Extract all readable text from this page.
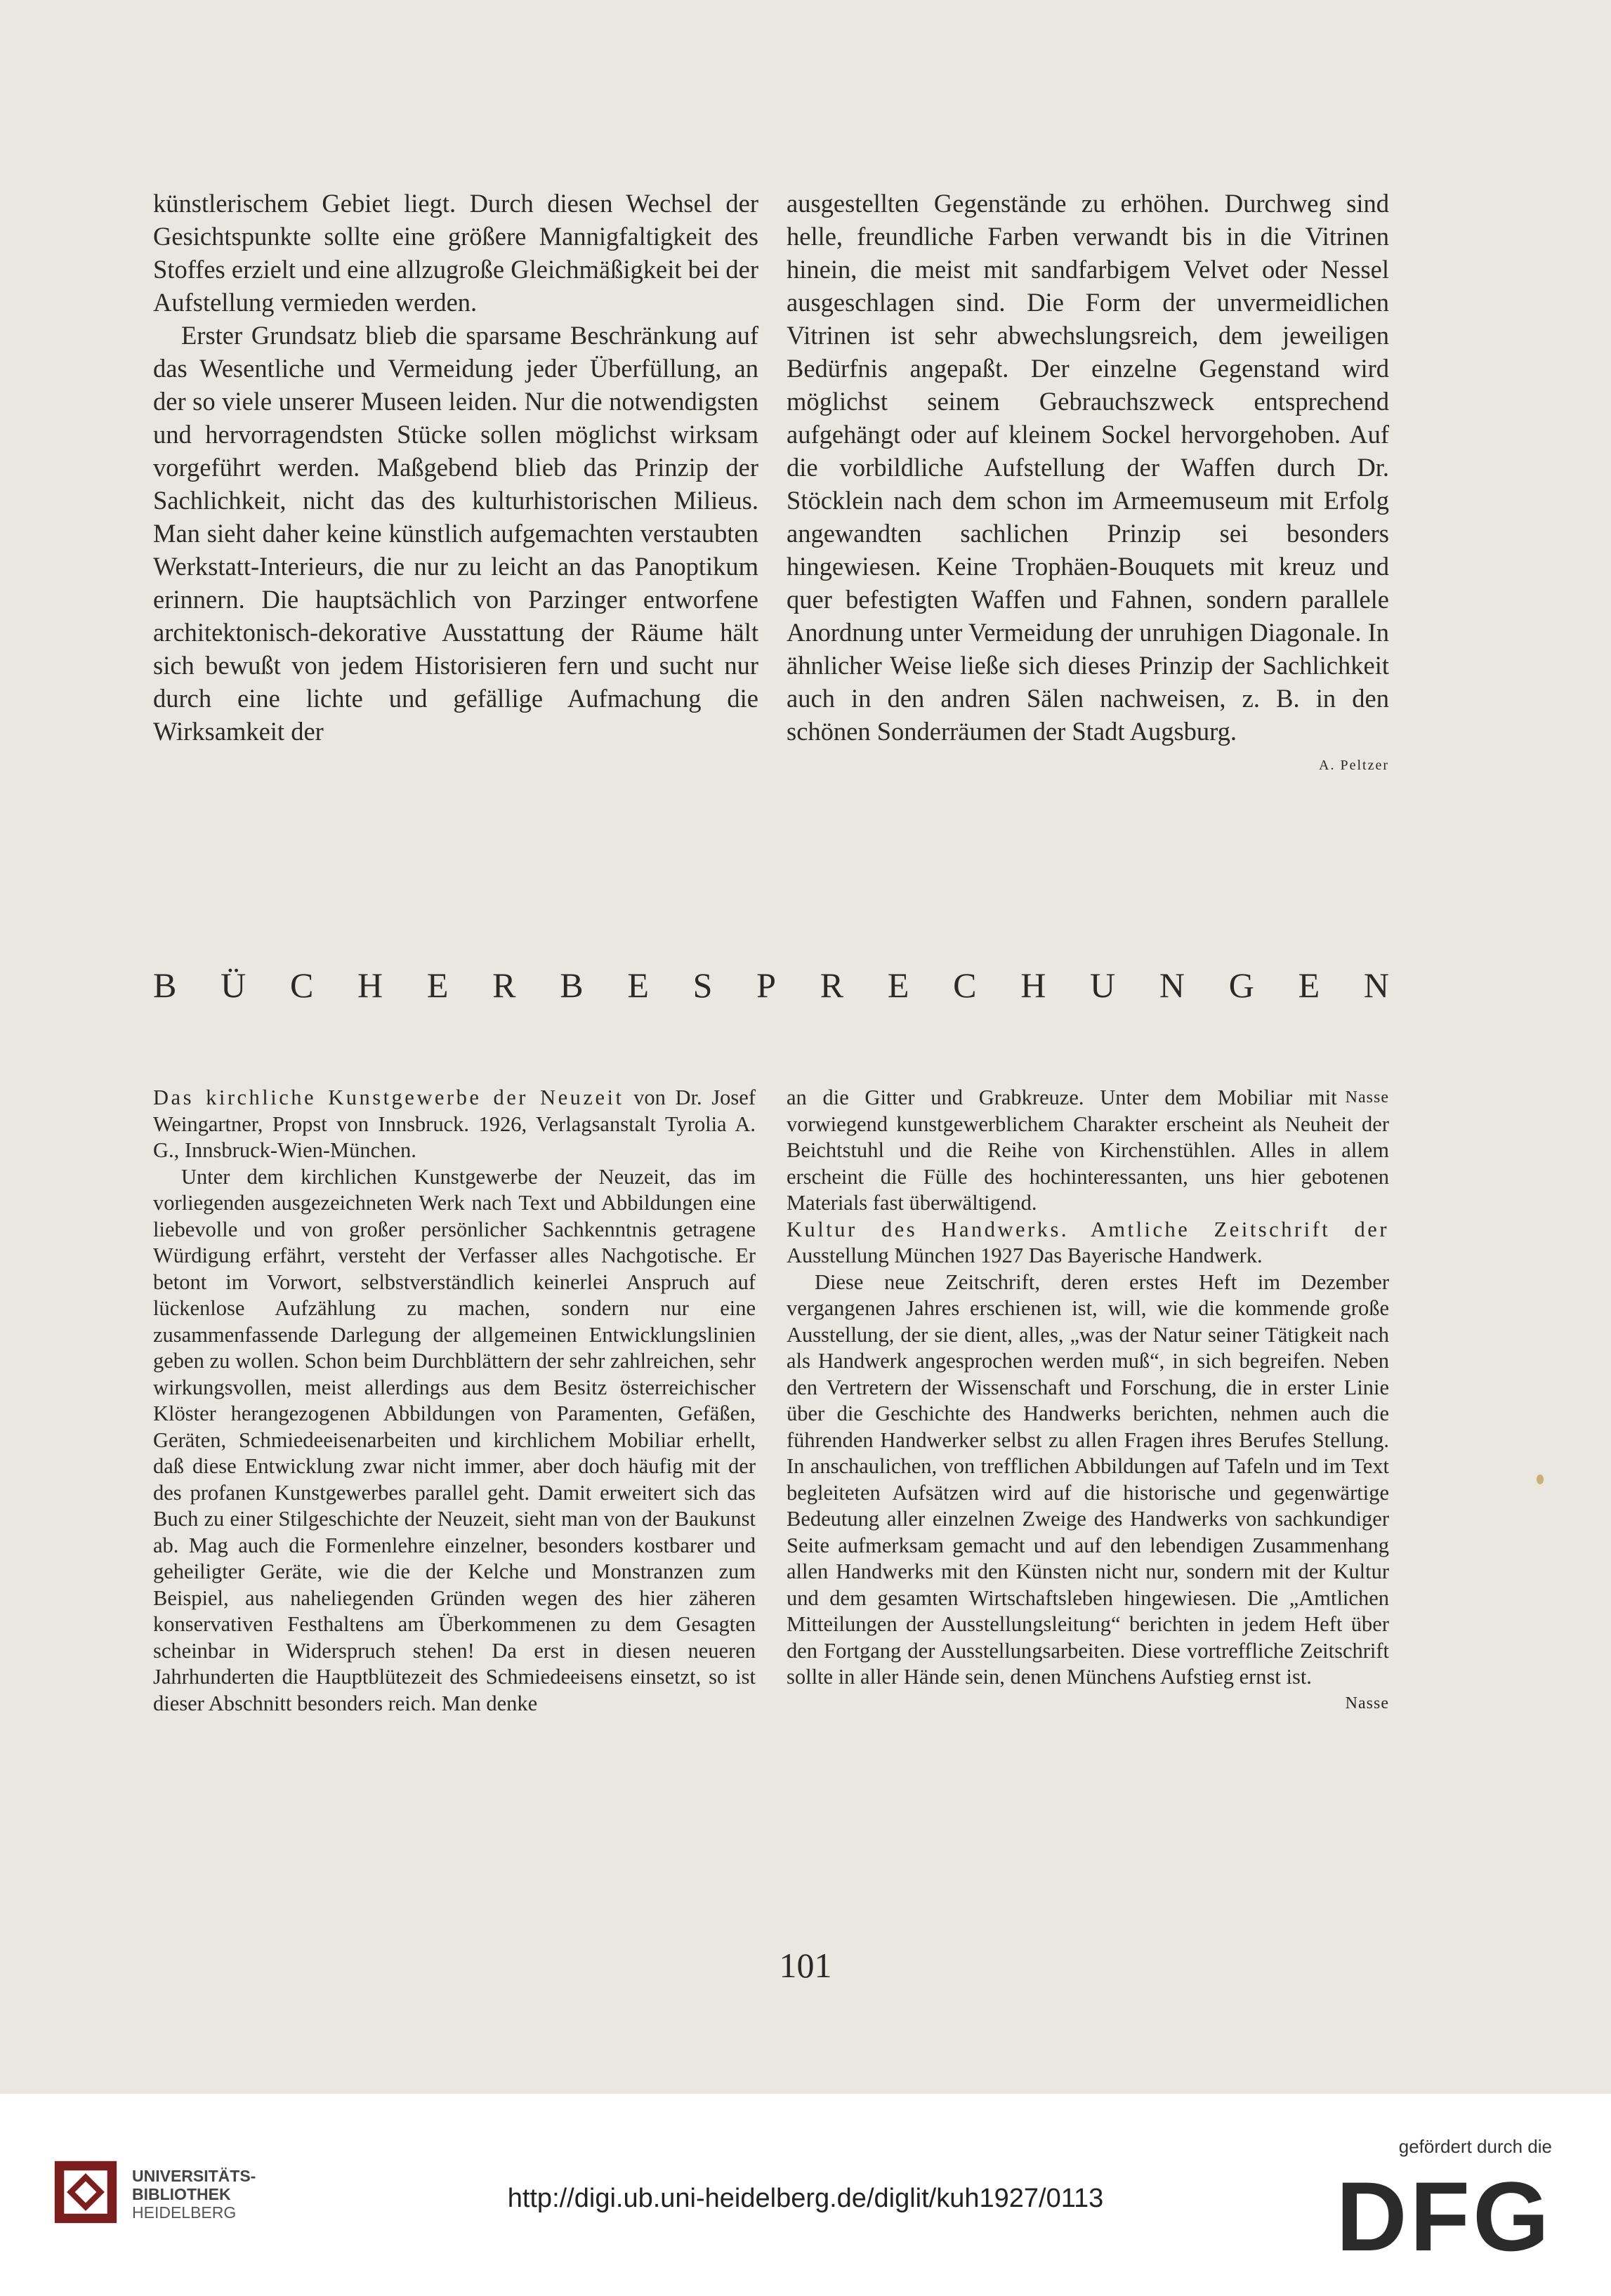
künstlerischem Gebiet liegt. Durch diesen Wechsel der Gesichtspunkte sollte eine größere Mannigfaltigkeit des Stoffes erzielt und eine allzugroße Gleichmäßigkeit bei der Aufstellung vermieden werden.

Erster Grundsatz blieb die sparsame Beschränkung auf das Wesentliche und Vermeidung jeder Überfüllung, an der so viele unserer Museen leiden. Nur die notwendigsten und hervorragendsten Stücke sollen möglichst wirksam vorgeführt werden. Maßgebend blieb das Prinzip der Sachlichkeit, nicht das des kulturhistorischen Milieus. Man sieht daher keine künstlich aufgemachten verstaubten Werkstatt-Interieurs, die nur zu leicht an das Panoptikum erinnern. Die hauptsächlich von Parzinger entworfene architektonisch-dekorative Ausstattung der Räume hält sich bewußt von jedem Historisieren fern und sucht nur durch eine lichte und gefällige Aufmachung die Wirksamkeit der

ausgestellten Gegenstände zu erhöhen. Durchweg sind helle, freundliche Farben verwandt bis in die Vitrinen hinein, die meist mit sandfarbigem Velvet oder Nessel ausgeschlagen sind. Die Form der unvermeidlichen Vitrinen ist sehr abwechslungsreich, dem jeweiligen Bedürfnis angepaßt. Der einzelne Gegenstand wird möglichst seinem Gebrauchszweck entsprechend aufgehängt oder auf kleinem Sockel hervorgehoben. Auf die vorbildliche Aufstellung der Waffen durch Dr. Stöcklein nach dem schon im Armeemuseum mit Erfolg angewandten sachlichen Prinzip sei besonders hingewiesen. Keine Trophäen-Bouquets mit kreuz und quer befestigten Waffen und Fahnen, sondern parallele Anordnung unter Vermeidung der unruhigen Diagonale. In ähnlicher Weise ließe sich dieses Prinzip der Sachlichkeit auch in den andren Sälen nachweisen, z. B. in den schönen Sonderräumen der Stadt Augsburg.

A. Peltzer
B Ü C H E R B E S P R E C H U N G E N

Das kirchliche Kunstgewerbe der Neuzeit von Dr. Josef Weingartner, Propst von Innsbruck. 1926, Verlagsanstalt Tyrolia A. G., Innsbruck-Wien-München.

Unter dem kirchlichen Kunstgewerbe der Neuzeit, das im vorliegenden ausgezeichneten Werk nach Text und Abbildungen eine liebevolle und von großer persönlicher Sachkenntnis getragene Würdigung erfährt, versteht der Verfasser alles Nachgotische. Er betont im Vorwort, selbstverständlich keinerlei Anspruch auf lückenlose Aufzählung zu machen, sondern nur eine zusammenfassende Darlegung der allgemeinen Entwicklungslinien geben zu wollen. Schon beim Durchblättern der sehr zahlreichen, sehr wirkungsvollen, meist allerdings aus dem Besitz österreichischer Klöster herangezogenen Abbildungen von Paramenten, Gefäßen, Geräten, Schmiedeeisenarbeiten und kirchlichem Mobiliar erhellt, daß diese Entwicklung zwar nicht immer, aber doch häufig mit der des profanen Kunstgewerbes parallel geht. Damit erweitert sich das Buch zu einer Stilgeschichte der Neuzeit, sieht man von der Baukunst ab. Mag auch die Formenlehre einzelner, besonders kostbarer und geheiligter Geräte, wie die der Kelche und Monstranzen zum Beispiel, aus naheliegenden Gründen wegen des hier zäheren konservativen Festhaltens am Überkommenen zu dem Gesagten scheinbar in Widerspruch stehen! Da erst in diesen neueren Jahrhunderten die Hauptblütezeit des Schmiedeeisens einsetzt, so ist dieser Abschnitt besonders reich. Man denke

Nasse
an die Gitter und Grabkreuze. Unter dem Mobiliar mit vorwiegend kunstgewerblichem Charakter erscheint als Neuheit der Beichtstuhl und die Reihe von Kirchenstühlen. Alles in allem erscheint die Fülle des hochinteressanten, uns hier gebotenen Materials fast überwältigend.

Kultur des Handwerks. Amtliche Zeitschrift der Ausstellung München 1927 Das Bayerische Handwerk.

Diese neue Zeitschrift, deren erstes Heft im Dezember vergangenen Jahres erschienen ist, will, wie die kommende große Ausstellung, der sie dient, alles, „was der Natur seiner Tätigkeit nach als Handwerk angesprochen werden muß“, in sich begreifen. Neben den Vertretern der Wissenschaft und Forschung, die in erster Linie über die Geschichte des Handwerks berichten, nehmen auch die führenden Handwerker selbst zu allen Fragen ihres Berufes Stellung. In anschaulichen, von trefflichen Abbildungen auf Tafeln und im Text begleiteten Aufsätzen wird auf die historische und gegenwärtige Bedeutung aller einzelnen Zweige des Handwerks von sachkundiger Seite aufmerksam gemacht und auf den lebendigen Zusammenhang allen Handwerks mit den Künsten nicht nur, sondern mit der Kultur und dem gesamten Wirtschaftsleben hingewiesen. Die „Amtlichen Mitteilungen der Ausstellungsleitung“ berichten in jedem Heft über den Fortgang der Ausstellungsarbeiten. Diese vortreffliche Zeitschrift sollte in aller Hände sein, denen Münchens Aufstieg ernst ist.
Nasse

101
UNIVERSITÄTS-
BIBLIOTHEK
HEIDELBERG	http://digi.ub.uni-heidelberg.de/diglit/kuh1927/0113
gefördert durch die
DFG
